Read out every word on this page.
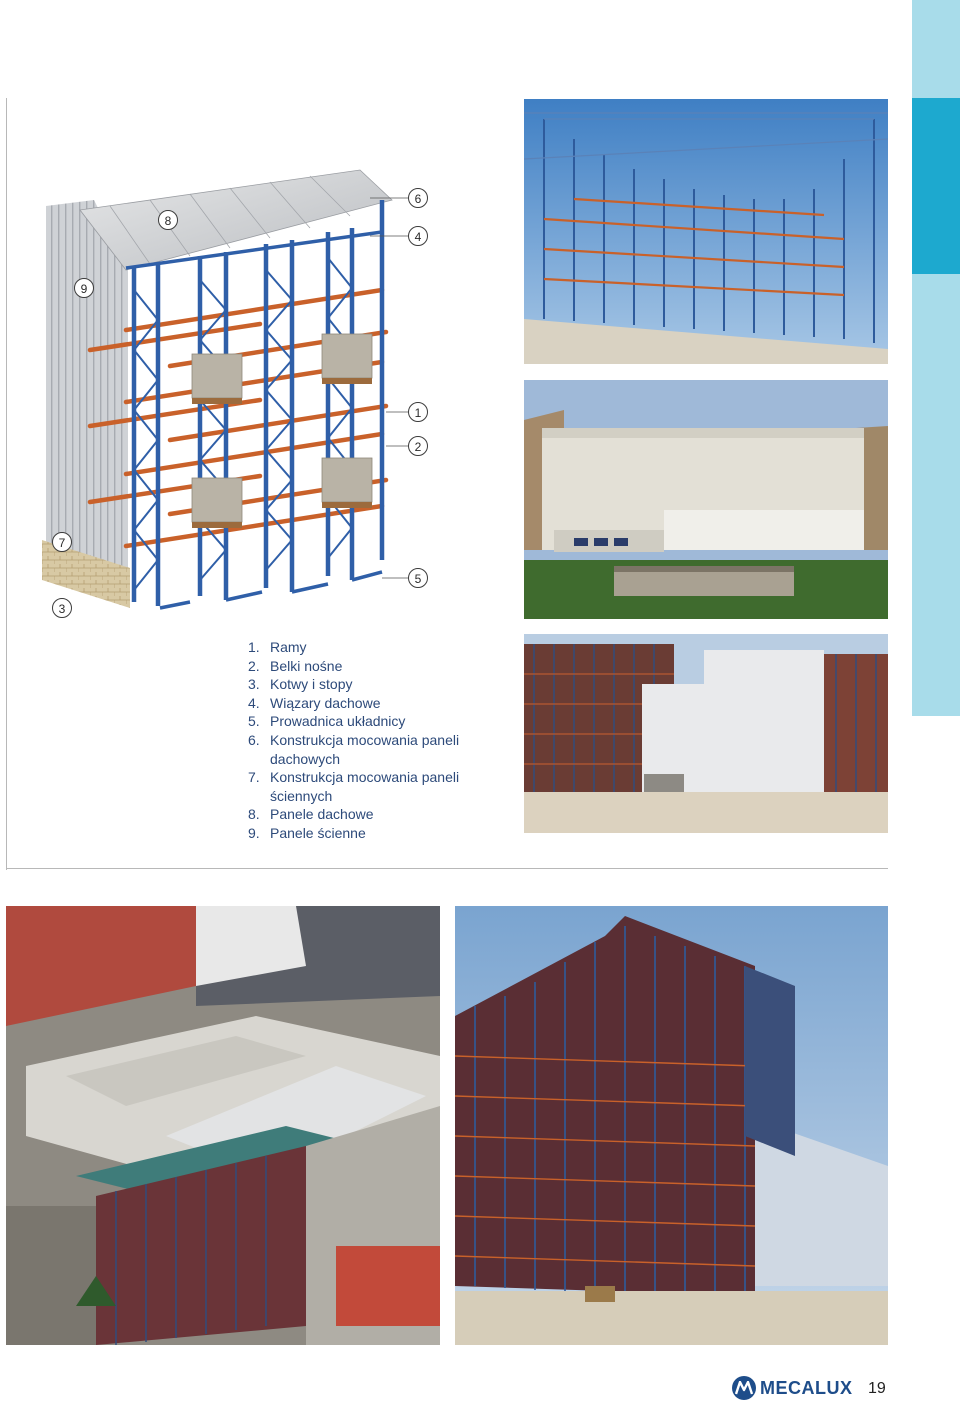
8
6
4
9
1
2
7
5
3
1. Ramy
2. Belki nośne
3. Kotwy i stopy
4. Wiązary dachowe
5. Prowadnica układnicy
6. Konstrukcja mocowania paneli dachowych
7. Konstrukcja mocowania paneli ściennych
8. Panele dachowe
9. Panele ścienne
MECALUX 19
